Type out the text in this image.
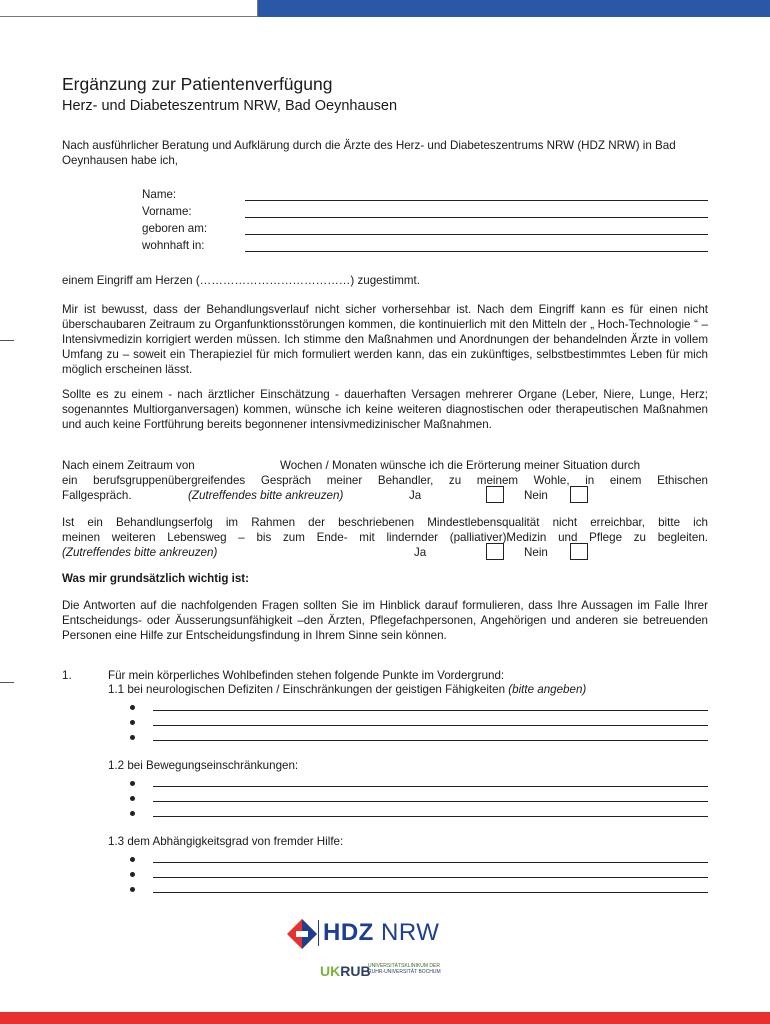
Ergänzung zur Patientenverfügung
Herz- und Diabeteszentrum NRW, Bad Oeynhausen
Nach ausführlicher Beratung und Aufklärung durch die Ärzte des Herz- und Diabeteszentrums NRW (HDZ NRW) in Bad Oeynhausen habe ich,
Name:
Vorname:
geboren am:
wohnhaft in:
einem Eingriff am Herzen (…………………………………) zugestimmt.
Mir ist bewusst, dass der Behandlungsverlauf nicht sicher vorhersehbar ist. Nach dem Eingriff kann es für einen nicht überschaubaren Zeitraum zu Organfunktionsstörungen kommen, die kontinuierlich mit den Mitteln der „ Hoch-Technologie “ –Intensivmedizin korrigiert werden müssen. Ich stimme den Maßnahmen und Anordnungen der behandelnden Ärzte in vollem Umfang zu – soweit ein Therapieziel für mich formuliert werden kann, das ein zukünftiges, selbstbestimmtes Leben für mich möglich erscheinen lässt.
Sollte es zu einem - nach ärztlicher Einschätzung - dauerhaften Versagen mehrerer Organe (Leber, Niere, Lunge, Herz; sogenanntes Multiorganversagen) kommen, wünsche ich keine weiteren diagnostischen oder therapeutischen Maßnahmen und auch keine Fortführung bereits begonnener intensivmedizinischer Maßnahmen.
Nach einem Zeitraum von	Wochen / Monaten wünsche ich die Erörterung meiner Situation durch
ein berufsgruppenübergreifendes Gespräch meiner Behandler, zu meinem Wohle, in einem Ethischen
Fallgespräch.	(Zutreffendes bitte ankreuzen)	Ja	Nein
Ist ein Behandlungserfolg im Rahmen der beschriebenen Mindestlebensqualität nicht erreichbar, bitte ich
meinen weiteren Lebensweg – bis zum Ende- mit lindernder (palliativer)Medizin und Pflege zu begleiten.
(Zutreffendes bitte ankreuzen)	Ja	Nein
Was mir grundsätzlich wichtig ist:
Die Antworten auf die nachfolgenden Fragen sollten Sie im Hinblick darauf formulieren, dass Ihre Aussagen im Falle Ihrer Entscheidungs- oder Äusserungsunfähigkeit –den Ärzten, Pflegefachpersonen, Angehörigen und anderen sie betreuenden Personen eine Hilfe zur Entscheidungsfindung in Ihrem Sinne sein können.
1.	Für mein körperliches Wohlbefinden stehen folgende Punkte im Vordergrund:
1.1 bei neurologischen Defiziten / Einschränkungen der geistigen Fähigkeiten (bitte angeben)
1.2 bei Bewegungseinschränkungen:
1.3 dem Abhängigkeitsgrad von fremder Hilfe:
HDZ NRW
UKRUB
UNIVERSITÄTSKLINIKUM DER
RUHR-UNIVERSITÄT BOCHUM
